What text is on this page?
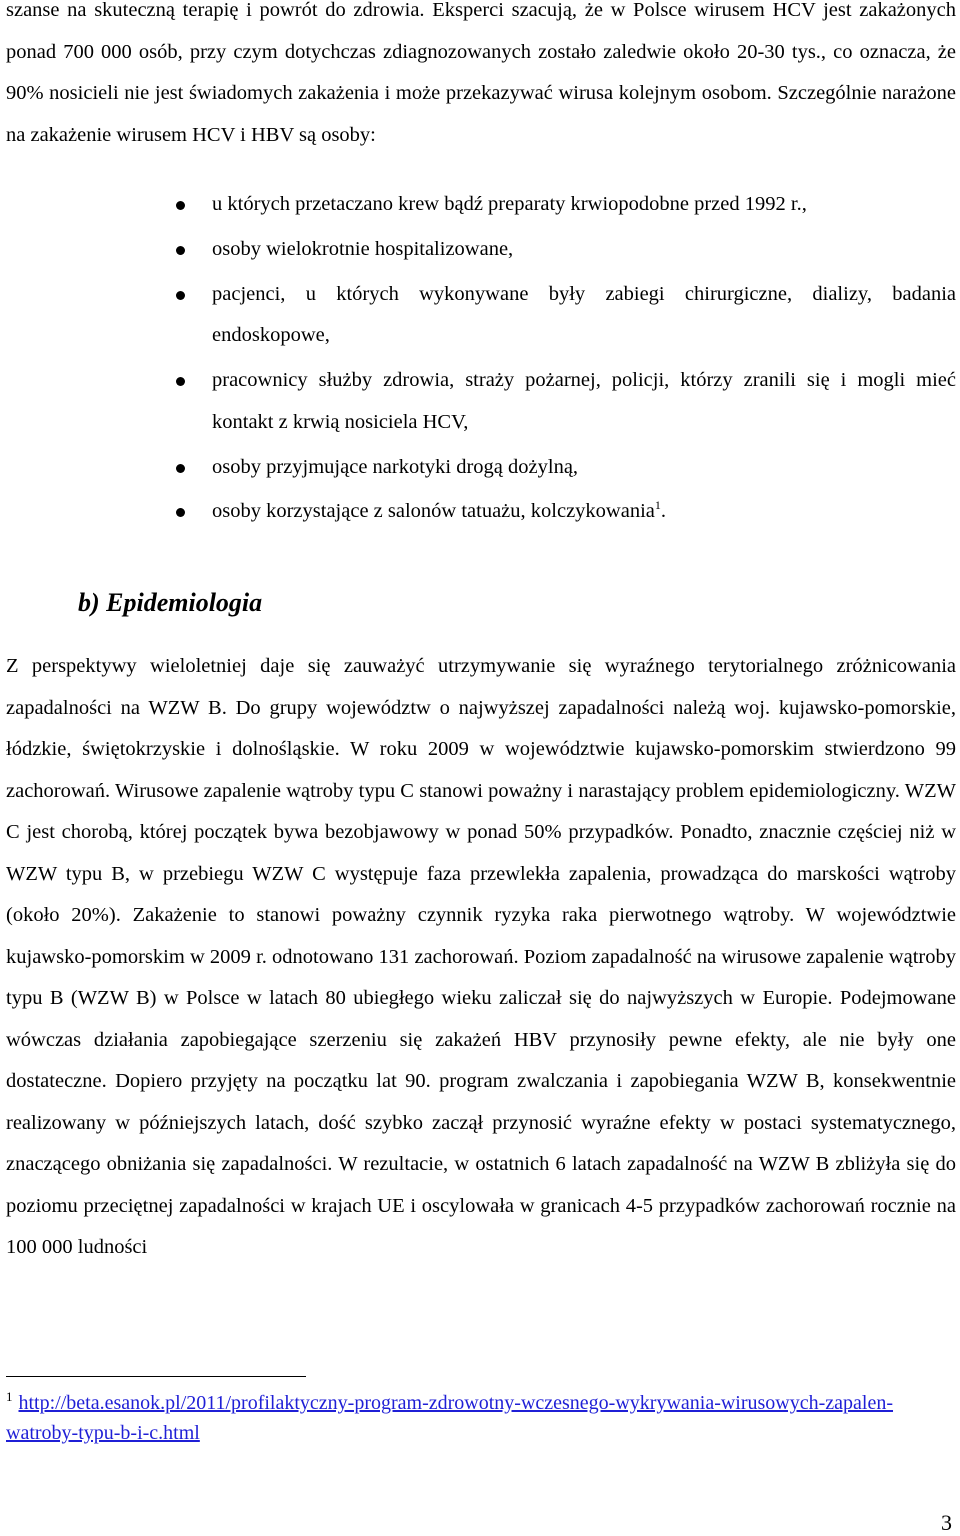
szanse na skuteczną terapię i powrót do zdrowia. Eksperci szacują, że w Polsce wirusem HCV jest zakażonych ponad 700 000 osób, przy czym dotychczas zdiagnozowanych zostało zaledwie około 20-30 tys., co oznacza, że 90% nosicieli nie jest świadomych zakażenia i może przekazywać wirusa kolejnym osobom. Szczególnie narażone na zakażenie wirusem HCV i HBV są osoby:

u których przetaczano krew bądź preparaty krwiopodobne przed 1992 r.,
osoby wielokrotnie hospitalizowane,
pacjenci, u których wykonywane były zabiegi chirurgiczne, dializy, badania endoskopowe,
pracownicy służby zdrowia, straży pożarnej, policji, którzy zranili się i mogli mieć kontakt z krwią nosiciela HCV,
osoby przyjmujące narkotyki drogą dożylną,
osoby korzystające z salonów tatuażu, kolczykowania$^1$.
b) Epidemiologia

Z perspektywy wieloletniej daje się zauważyć utrzymywanie się wyraźnego terytorialnego zróżnicowania zapadalności na WZW B. Do grupy województw o najwyższej zapadalności należą woj. kujawsko-pomorskie, łódzkie, świętokrzyskie i dolnośląskie. W roku 2009 w województwie kujawsko-pomorskim stwierdzono 99 zachorowań. Wirusowe zapalenie wątroby typu C stanowi poważny i narastający problem epidemiologiczny. WZW C jest chorobą, której początek bywa bezobjawowy w ponad 50% przypadków. Ponadto, znacznie częściej niż w WZW typu B, w przebiegu WZW C występuje faza przewlekła zapalenia, prowadząca do marskości wątroby (około 20%). Zakażenie to stanowi poważny czynnik ryzyka raka pierwotnego wątroby. W województwie kujawsko-pomorskim w 2009 r. odnotowano 131 zachorowań. Poziom zapadalność na wirusowe zapalenie wątroby typu B (WZW B) w Polsce w latach 80 ubiegłego wieku zaliczał się do najwyższych w Europie. Podejmowane wówczas działania zapobiegające szerzeniu się zakażeń HBV przynosiły pewne efekty, ale nie były one dostateczne. Dopiero przyjęty na początku lat 90. program zwalczania i zapobiegania WZW B, konsekwentnie realizowany w późniejszych latach, dość szybko zaczął przynosić wyraźne efekty w postaci systematycznego, znaczącego obniżania się zapadalności. W rezultacie, w ostatnich 6 latach zapadalność na WZW B zbliżyła się do poziomu przeciętnej zapadalności w krajach UE i oscylowała w granicach 4-5 przypadków zachorowań rocznie na 100 000 ludności

$^1$ http://beta.esanok.pl/2011/profilaktyczny-program-zdrowotny-wczesnego-wykrywania-wirusowych-zapalen-watroby-typu-b-i-c.html
3
